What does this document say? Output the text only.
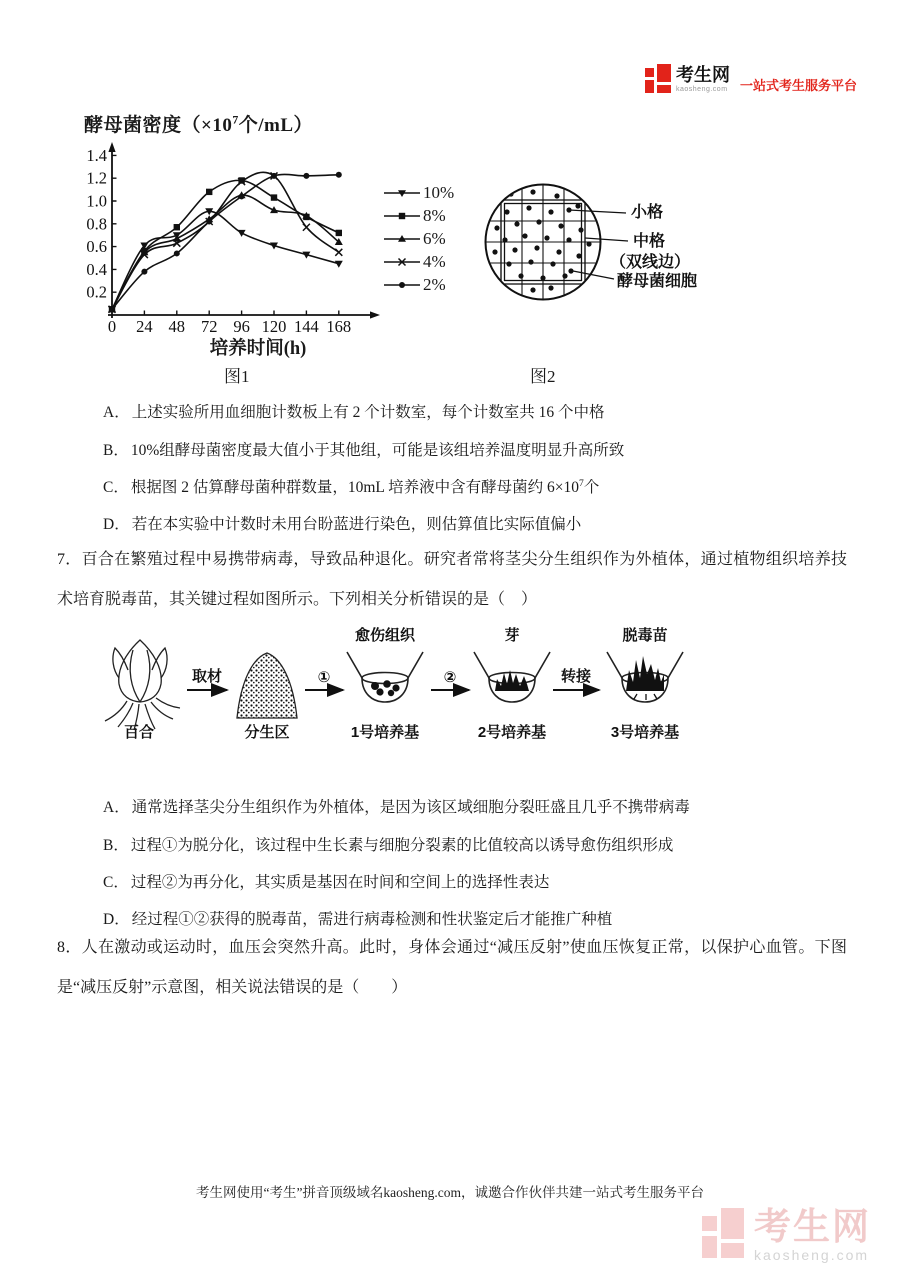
考生网
kaosheng.com 一站式考生服务平台
酵母菌密度（$\times 10^7$个/mL）
0.2
0.4
0.6
0.8
1.0
1.2
1.4
0 24 48 72 96 120 144 168
10%
8%
6%
4%
2%
小格
中格
（双线边）
酵母菌细胞
培养时间(h)
图1	图2
A． 上述实验所用血细胞计数板上有 2 个计数室，每个计数室共 16 个中格
B． 10%组酵母菌密度最大值小于其他组，可能是该组培养温度明显升高所致
C． 根据图 2 估算酵母菌种群数量，10mL 培养液中含有酵母菌约 $6\times 10^7$个
D． 若在本实验中计数时未用台盼蓝进行染色，则估算值比实际值偏小
7．百合在繁殖过程中易携带病毒，导致品种退化。研究者常将茎尖分生组织作为外植体，通过植物组织培养技术培育脱毒苗，其关键过程如图所示。下列相关分析错误的是（　）
百合
取材
分生区
①
愈伤组织
1号培养基
②
芽
2号培养基
转接
脱毒苗
3号培养基
A． 通常选择茎尖分生组织作为外植体，是因为该区域细胞分裂旺盛且几乎不携带病毒
B． 过程①为脱分化，该过程中生长素与细胞分裂素的比值较高以诱导愈伤组织形成
C． 过程②为再分化，其实质是基因在时间和空间上的选择性表达
D． 经过程①②获得的脱毒苗，需进行病毒检测和性状鉴定后才能推广种植
8．人在激动或运动时，血压会突然升高。此时，身体会通过“减压反射”使血压恢复正常，以保护心血管。下图是“减压反射”示意图，相关说法错误的是（　　）
考生网使用“考生”拼音顶级域名kaosheng.com，诚邀合作伙伴共建一站式考生服务平台
考生网
kaosheng.com
